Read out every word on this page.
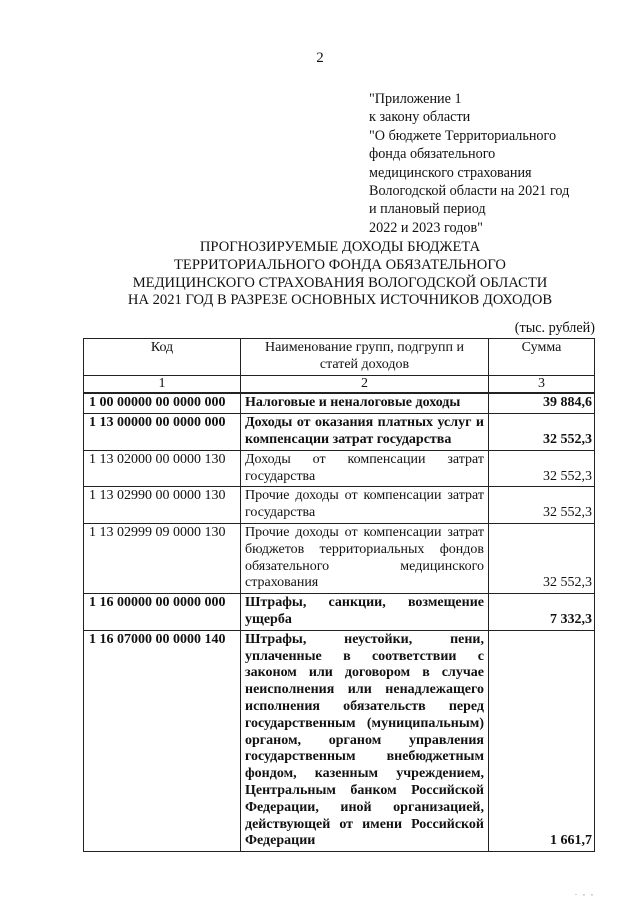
2
"Приложение 1
к закону области
"О бюджете Территориального
фонда обязательного
медицинского страхования
Вологодской области на 2021 год
и плановый период
2022 и 2023 годов"
ПРОГНОЗИРУЕМЫЕ ДОХОДЫ БЮДЖЕТА
ТЕРРИТОРИАЛЬНОГО ФОНДА ОБЯЗАТЕЛЬНОГО
МЕДИЦИНСКОГО СТРАХОВАНИЯ ВОЛОГОДСКОЙ ОБЛАСТИ
НА 2021 ГОД В РАЗРЕЗЕ ОСНОВНЫХ ИСТОЧНИКОВ ДОХОДОВ
(тыс. рублей)
Код	Наименование групп, подгрупп и статей доходов	Сумма
1	2	3
1 00 00000 00 0000 000	Налоговые и неналоговые доходы	39 884,6
1 13 00000 00 0000 000	Доходы от оказания платных услуг и компенсации затрат государства	32 552,3
1 13 02000 00 0000 130	Доходы от компенсации затрат государства	32 552,3
1 13 02990 00 0000 130	Прочие доходы от компенсации затрат государства	32 552,3
1 13 02999 09 0000 130	Прочие доходы от компенсации затрат бюджетов территориальных фондов обязательного медицинского страхования	32 552,3
1 16 00000 00 0000 000	Штрафы, санкции, возмещение ущерба	7 332,3
1 16 07000 00 0000 140	Штрафы, неустойки, пени, уплаченные в соответствии с законом или договором в случае неисполнения или ненадлежащего исполнения обязательств перед государственным (муниципальным) органом, органом управления государственным внебюджетным фондом, казенным учреждением, Центральным банком Российской Федерации, иной организацией, действующей от имени Российской Федерации	1 661,7
. , ,
